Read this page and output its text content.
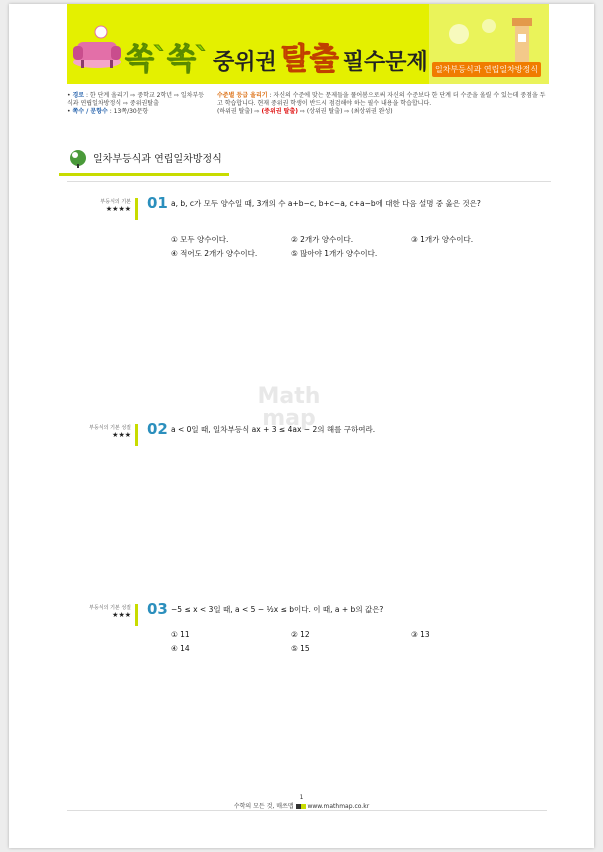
쏙`쏙` 중위권 탈출 필수문제 일차부등식과 연립일차방정식
• 경로 : 한 단계 올리기 ⇨ 중학교 2학년 ⇨ 일차부등식과 연립일차방정식 ⇨ 중위권탈출
• 쪽수 / 문항수 : 13쪽/30문항
수준별 등급 올리기 : 자신의 수준에 맞는 문제들을 풀어봄으로써 자신의 수준보다 한 단계 더 수준을 올릴 수 있는데 중점을 두고 학습합니다. 현재 중위권 학생이 반드시 점검해야 하는 필수 내용을 학습합니다.
(하위권 탈출) ⇨ (중위권 탈출) ⇨ (상위권 탈출) ⇨ (최상위권 완성)
일차부등식과 연립일차방정식
부등식의 기본
★★★★ 01 a, b, c가 모두 양수일 때, 3개의 수 a+b−c, b+c−a, c+a−b에 대한 다음 설명 중 옳은 것은?
① 모두 양수이다.	② 2개가 양수이다.	③ 1개가 양수이다.
④ 적어도 2개가 양수이다.	⑤ 많아야 1개가 양수이다.
부등식의 기본 성질
★★★ 02 a < 0일 때, 일차부등식 ax + 3 ≤ 4ax − 2의 해를 구하여라.
부등식의 기본 성질
★★★ 03 −5 ≤ x < 3일 때, a < 5 − ½x ≤ b이다. 이 때, a + b의 값은?
① 11	② 12	③ 13
④ 14	⑤ 15
Math
map
1
수학의 모든 것, 매쓰맵 www.mathmap.co.kr
